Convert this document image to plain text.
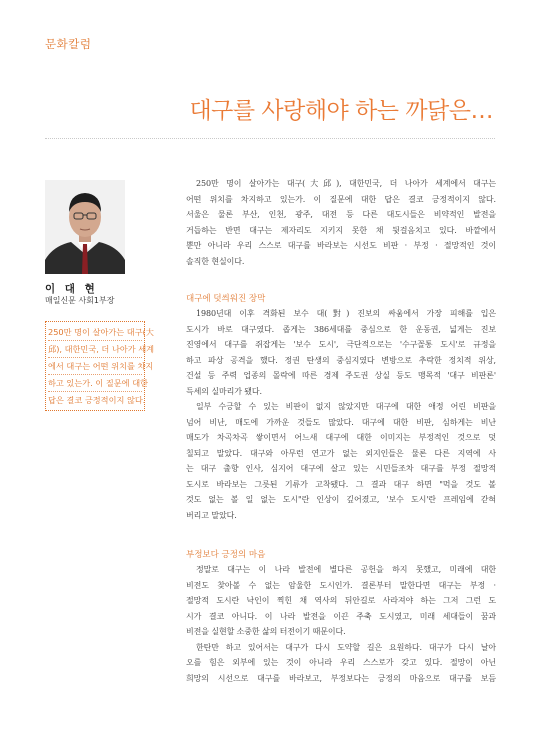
문화칼럼
대구를 사랑해야 하는 까닭은…
이 대 현
매일신문 사회1부장
250만 명이 살아가는 대구(大
邱), 대한민국, 더 나아가 세계
에서 대구는 어떤 위치를 차지
하고 있는가. 이 질문에 대한
답은 결코 긍정적이지 않다.
250만 명이 살아가는 대구(大邱), 대한민국, 더 나아가 세계에서 대구는
어떤 위치를 차지하고 있는가. 이 질문에 대한 답은 결코 긍정적이지 않다.
서울은 물론 부산, 인천, 광주, 대전 등 다른 대도시들은 비약적인 발전을
거듭하는 반면 대구는 제자리도 지키지 못한 채 뒷걸음치고 있다. 바깥에서
뿐만 아니라 우리 스스로 대구를 바라보는 시선도 비판 · 부정 · 절망적인 것이
솔직한 현실이다.
대구에 덧씌워진 장막
1980년대 이후 격화된 보수 대(對) 진보의 싸움에서 가장 피해를 입은
도시가 바로 대구였다. 좁게는 386세대를 중심으로 한 운동권, 넓게는 진보
진영에서 대구를 쥐잡게는 '보수 도시', 극단적으로는 '수구꼴통 도시'로 규정을
하고 파상 공격을 했다. 정권 탄생의 중심지였다 변방으로 추락한 정치적 위상,
건설 등 주력 업종의 몰락에 따른 경제 주도권 상실 등도 맹목적 '대구 비판론'
득세의 실마리가 됐다.
일부 수긍할 수 있는 비판이 없지 않았지만 대구에 대한 애정 어린 비판을
넘어 비난, 매도에 가까운 것들도 많았다. 대구에 대한 비판, 심하게는 비난
매도가 차곡차곡 쌓이면서 어느새 대구에 대한 이미지는 부정적인 것으로 덧
칠되고 말았다. 대구와 아무런 연고가 없는 외지인들은 물론 다른 지역에 사
는 대구 출향 인사, 심지어 대구에 살고 있는 시민들조차 대구를 부정 절망적
도시로 바라보는 그릇된 기류가 고착됐다. 그 결과 대구 하면 "먹을 것도 볼
것도 없는 볼 일 없는 도시"란 인상이 깊어졌고, '보수 도시'란 프레임에 갇혀
버리고 말았다.
부정보다 긍정의 마음
정말로 대구는 이 나라 발전에 별다른 공헌을 하지 못했고, 미래에 대한
비전도 찾아볼 수 없는 암울한 도시인가. 결론부터 말한다면 대구는 부정 ·
절망적 도시란 낙인이 찍힌 채 역사의 뒤안길로 사라져야 하는 그저 그런 도
시가 결코 아니다. 이 나라 발전을 이끈 주축 도시였고, 미래 세대들이 꿈과
비전을 실현할 소중한 삶의 터전이기 때문이다.
한탄만 하고 있어서는 대구가 다시 도약할 길은 요원하다. 대구가 다시 날아
오를 힘은 외부에 있는 것이 아니라 우리 스스로가 갖고 있다. 절망이 아닌
희망의 시선으로 대구를 바라보고, 부정보다는 긍정의 마음으로 대구를 보듬
